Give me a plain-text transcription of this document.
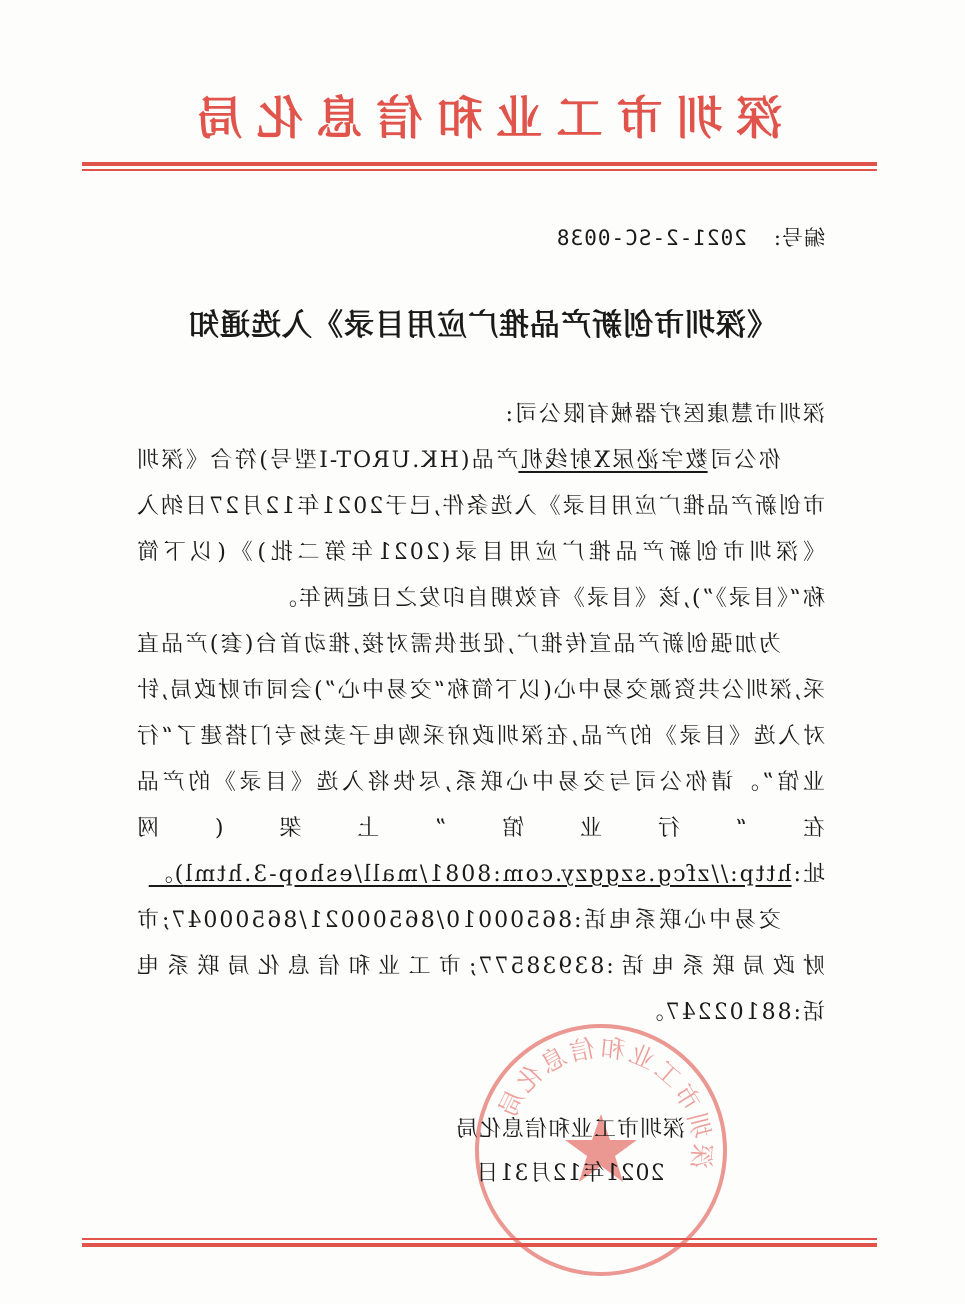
深圳市工业和信息化局
编号:2021-2-SC-0038
《深圳市创新产品推广应用目录》入选通知

深圳市慧康医疗器械有限公司:

你公司数字泌尿X射线机产品(HK.UROT-I型号)符合《深圳市创新产品推广应用目录》入选条件,已于2021年12月27日纳入《深圳市创新产品推广应用目录(2021年第二批)》(以下简称“《目录》”),该《目录》有效期自印发之日起两年。

为加强创新产品宣传推广,促进供需对接,推动首台(套)产品直采,深圳公共资源交易中心(以下简称“交易中心”)会同市财政局,针对入选《目录》的产品,在深圳政府采购电子卖场专门搭建了“行业馆”。请你公司与交易中心联系,尽快将入选《目录》的产品在“行业馆”上架(网址:http://zfcg.szggzy.com:8081/mall/eshop-3.html)。

交易中心联系电话:86500010/86500021/86500047;市财政局联系电话:83938577;市工业和信息化局联系电话:88102247。

深圳市工业和信息化局
深圳市工业和信息化局
2021年12月31日
